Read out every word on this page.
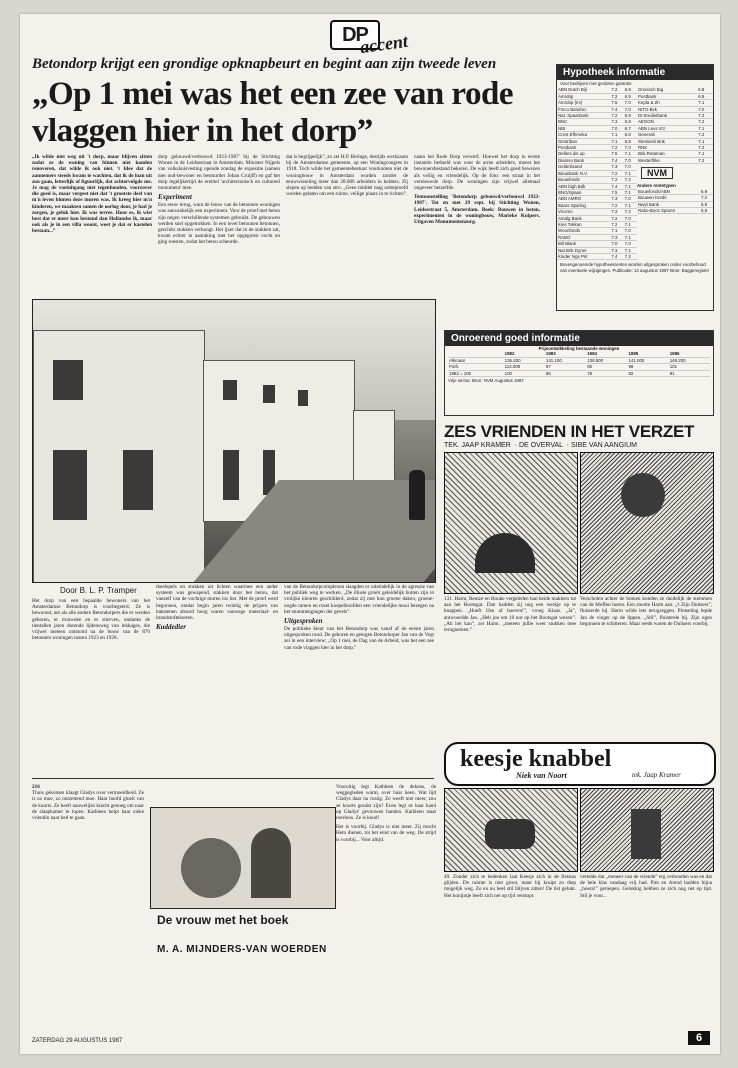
DP
accent
Betondorp krijgt een grondige opknapbeurt en begint aan zijn tweede leven
„Op 1 mei was het een zee van rode vlaggen hier in het dorp”
„Ik wilde niet weg uit 't dorp, maar blijven zitten zodat ze de woning van binnen niet konden renoveren, dat wilde ik ook niet. 't Idee dat de aannemers steeds kwam te wachten, dat ik de loan uit zou gaan, letterlijk of figuurlijk, dat achtervolgde me. Je mag de voetuitgang niet tegenhouden, voorzover die goed is, maar vergeet niet dat 't grootste deel van m'n leven binnen deze muren was. Ik kreeg hier m'n kinderen, we maakten samen de oorlog door, je had je zorgen, je geluk hier. Ik was terree. Hoor es, ik wist best dat er meer kon bestond dan Hollandse ik, maar ook als je in een villa woont, weet je dat er kastelen bestaan...”
dorp gebouwd/verbouwd 1923-1987' bij de Stichting Wonen in de Leidsestraat in Amsterdam. Minister Nijpels van volkshuisvesting opende zondag de expositie (samen met oud-bewoner en bestuurder Johan Cruijff) en gaf het dorp tegelijkertijd de eretitel 'architectonisch en cultureel monument' mee.
Experiment
Een eeuw terug, want de bouw van de betonnen woningen was aanvankelijk een experiment. Voor de proef met beton zijn negen verschillende systemen gebruikt. De gebouwen werden snel opgetrokken. In een tevel betonnen betonnen, geschikt stukken verhoogt. Het ijzer dat in de stukken zat, kwam echter in aanraking met het opgegoten vocht en ging roesten, zodat het beton scheurde.
dat is begrijpelijk”, zo zei H.P. Berlage, destijds werkzaam bij de Amsterdamse gemeente, op een Woningcongres in 1918. Toch wilde het gemeentebestuur voorkomen niet de woningbouw in Amsterdam worden zonder de eeuwwisseling meer dan 28.000 arbeiders in kelders. Zij slepen op bedden van stro. „Geen middel mag onbeproefd worden gelaten om een ruime, veilige plaats in te richten”.
naam het Rode Dorp verwerf. Hoewel het dorp in eerste instantie bedoeld was voor de arme arbeiders, moest het bewonersbestand bekeren. De wijk heeft zich goed bewezen als veilig en vriendelijk. Op de foto: een straat in het vernieuwde dorp. De woningen zijn vrijwel allemaal ongeveer hetzelfde.
Tentoonstelling 'Betondorp gebouwd/verbouwd 1923-1987'. Tot en met 29 sept. bij Stichting Wonen, Leidsestraat 5, Amsterdam. Boek: Bouwen in beton, experimenten in de woningbouw, Marieke Kuipers. Uitgaven Monumentenzorg.
Door B. L. P. Tramper
Het dorp van een bepaalde bewoners van het Amsterdamse Betondorp is voorbegeerd. Ze is bewoond, net als alle andere Betondorpers die er werden geboren, er trouwden en er stierven, ondanks de tientallen jaren durende lijdensweg van lekkages, die vrijwel meteen ontstond na de bouw van de 870 betonnen woningen tussen 1923 en 1928.
theelepels en stukken uit lichten waarmee een ander systeem was gewapend, stakken door het beton, dat vanzelf van de vochtige muren los liet. Met de proef werd begonnen, omdat begin jaren twintig de prijzen van bakstenen absurd hoog waren vanwege materiaal- en brandstoftekorten.
Kuddedier
van de Betondorpcomplexen slaagden er uiteindelijk in de agressie van het publiek weg te werken. „De illusie groeit geleidelijk buiten zijn in vrolijke kleuren geschilderd, zodat zij met hun groene daken, groene-oogde ramen en rozet koepelhoofden een vriendelijke mooi bezegen na het stummengingen der gevels”.
Uitgesproken
De politieke kleur van het Betondorp was vanaf af de eerste jaren uitgesproken rood. De geboren en getogen Betondorper Jan van de Vegt zei in een interview: „Op 1 mei, de Dag van de Arbeid, was het een zee van rode vlaggen hier in het dorp.”
216
Thuis gekomen klaagt Gladys over vermoeidheid. Ze is zo moe, zo ontzettend moe. Haar hoofd gloeit van de koorts. Ze heeft nauwelijks kracht genoeg om naar de slaapkamer te lopen. Kathleen helpt haar zieke vriendin naar bed te gaan.
De vrouw met het boek
M. A. MIJNDERS-VAN WOERDEN
Vooruitig legt Kathleen de dekens, de weggegleden warm, over haar heen. Wat lijd Gladys daar nu rustig. Ze weeft niet meer, zou ze koorts gezakt zijn? Even legt ze haar hand op Gladys' gevouwen handen. Kathleen staat roerloos. Ze is koud!
Het is voorbij. Gladys is niet meer. Zij mocht Hem dienen, tot het eind van de weg. De strijd is voorbij... Voor altijd.
Hypotheek informatie
Voor bedrijven met gesloten garantie
ABN Dutch Bijl	7.2	6.9
Amrobp	7.2	6.9
Amrobp (Irv)	7.5	7.0
Fmco Bandrec	7.4	7.0
Nat. Spaarbank	7.2	6.9
BNC	7.3	6.8
NIB	7.0	6.7
Crest Efhmeka	7.1	6.8
Gestriban	7.1	6.8
Postbank	7.2	7.0
Delbes dis up	7.5	7.1
Diamso Bank	7.4	7.0
Gelderlaand	7.3	7.0
Bouwbank N.V.	7.2	7.1
Bouwfonds	7.2	7.2
ABN bigh Bdk	7.4	7.1
BNG/Spaan	7.5	7.1
ABN AMRO	7.3	7.0
Baars Sparing	7.2	7.1
Vicomo	7.3	7.2
Amalg Bank	7.2	7.0
Kies Tokkan	7.2	7.1
Woonfonds	7.1	7.0
RABO	7.3	7.1
Bill Blank	7.0	7.0
Nat Bnk Dyner	7.3	7.1
Kinder Ngs Pnt	7.4	7.2
Gmeloch Big	6.8
Postbank	6.9
Kepla & Zn	7.1
NITO Bvk	7.0
Dr.Kredietbank	7.2
AEGON	7.2
ABN Levs Vrz	7.1
Generali	7.2
Stessesh Bnk	7.1
RNK	7.2
Bnk Retaman	7.1
Westerftike	7.2
NVM
Andere rentetypen
Bouwfonds/ABN	6.9
Bouwen Kredit	7.2
Nwyt Bank	6.9
Rabo-Bocs Sparen	6.8
Bovengenoemde hypotheekrentes worden uitgesproken onder voorbehoud van eventuele wijzigingen. Publicatie: 14 augustus 1987 Bron: Baggeregister
Onroerend goed informatie
Prijsontwikkeling bestaande woningen
	1982	1983	1984	1985	1986
Alkmaar	136.200	141.100	139.500	141.000	148.200
Poth.	114.000	97	95	99	101
1982 = 100	100	86	78	82	91
Vrije sector. Bron: NVM Augustus 1987
ZES VRIENDEN IN HET VERZET
TEK. JAAP KRAMER  · DE OVERVAL  · SIBE VAN AANGIUM
131. Harm, Rentze en Bouke vergeleden ban heide makkers tot aan het Bootsgat. Dan hadden zij nog een werkje op te knappen. „Hoeft IJse af hoeven!”, vroeg Klaas. „Ja”, antwoordde Jan. „Heb jou om 10 uur op het Bootsgat wezen”. „Ah het kan”, zei Harm. „meteen jullie weer stukken mee terugnemen.”
Verscholen achter de bomen konden ze duidelijk de stemmen van de Moffen horen. Een stootte Harm aan. „'t Zijn Duitsers”, fluisterde hij. Harm wilde iets terugzeggen. Plotseling lepde Jan de vinger op de lippen. „Stil”, fluisterde hij. Zijn ogen begonnen te schitteren. Maar reeds waren de Duitsers voorbij.
keesje knabbel
Niek van Noort	tek. Jaap Kramer
49. Zonder zich te bedenken laat Keesje zich in de fietstas glijden. De ruimte is niet groot, maar hij kruipt zo diep mogelijk weg. Zo en nu heel stil blijven zitten! De list gelukt. Het konijntje beeft zich net op tijd verstopt.
vertelde dat „meneer van de vriende” erg verbonden was en dat de hele klas vandaag vrij had. Pim en Arend hadden bijna „hoera!” geroepen. Gelukkig hebben ze zich nog net op tijd. Stil je voor...
ZATERDAG 29 AUGUSTUS 1987	6
